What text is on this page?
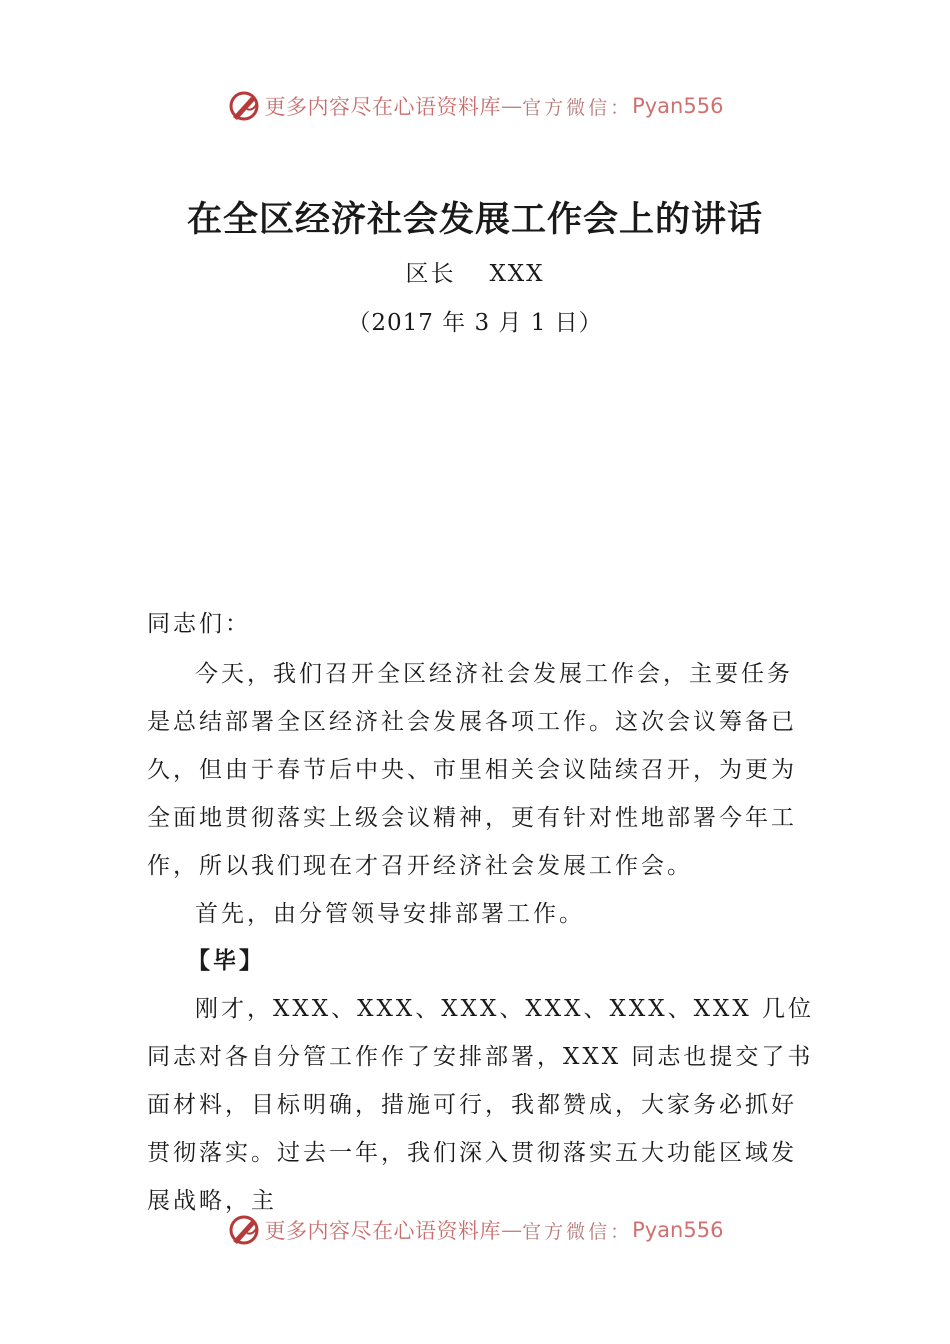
更多内容尽在心语资料库 — 官方微信： Pyan556
在全区经济社会发展工作会上的讲话
区长 XXX
（2017 年 3 月 1 日）
同志们：
今天，我们召开全区经济社会发展工作会，主要任务是总结部署全区经济社会发展各项工作。这次会议筹备已久，但由于春节后中央、市里相关会议陆续召开，为更为全面地贯彻落实上级会议精神，更有针对性地部署今年工作，所以我们现在才召开经济社会发展工作会。
首先，由分管领导安排部署工作。
【毕】
刚才，XXX、XXX、XXX、XXX、XXX、XXX 几位同志对各自分管工作作了安排部署，XXX 同志也提交了书面材料，目标明确，措施可行，我都赞成，大家务必抓好贯彻落实。过去一年，我们深入贯彻落实五大功能区域发展战略，主
更多内容尽在心语资料库 — 官方微信： Pyan556
